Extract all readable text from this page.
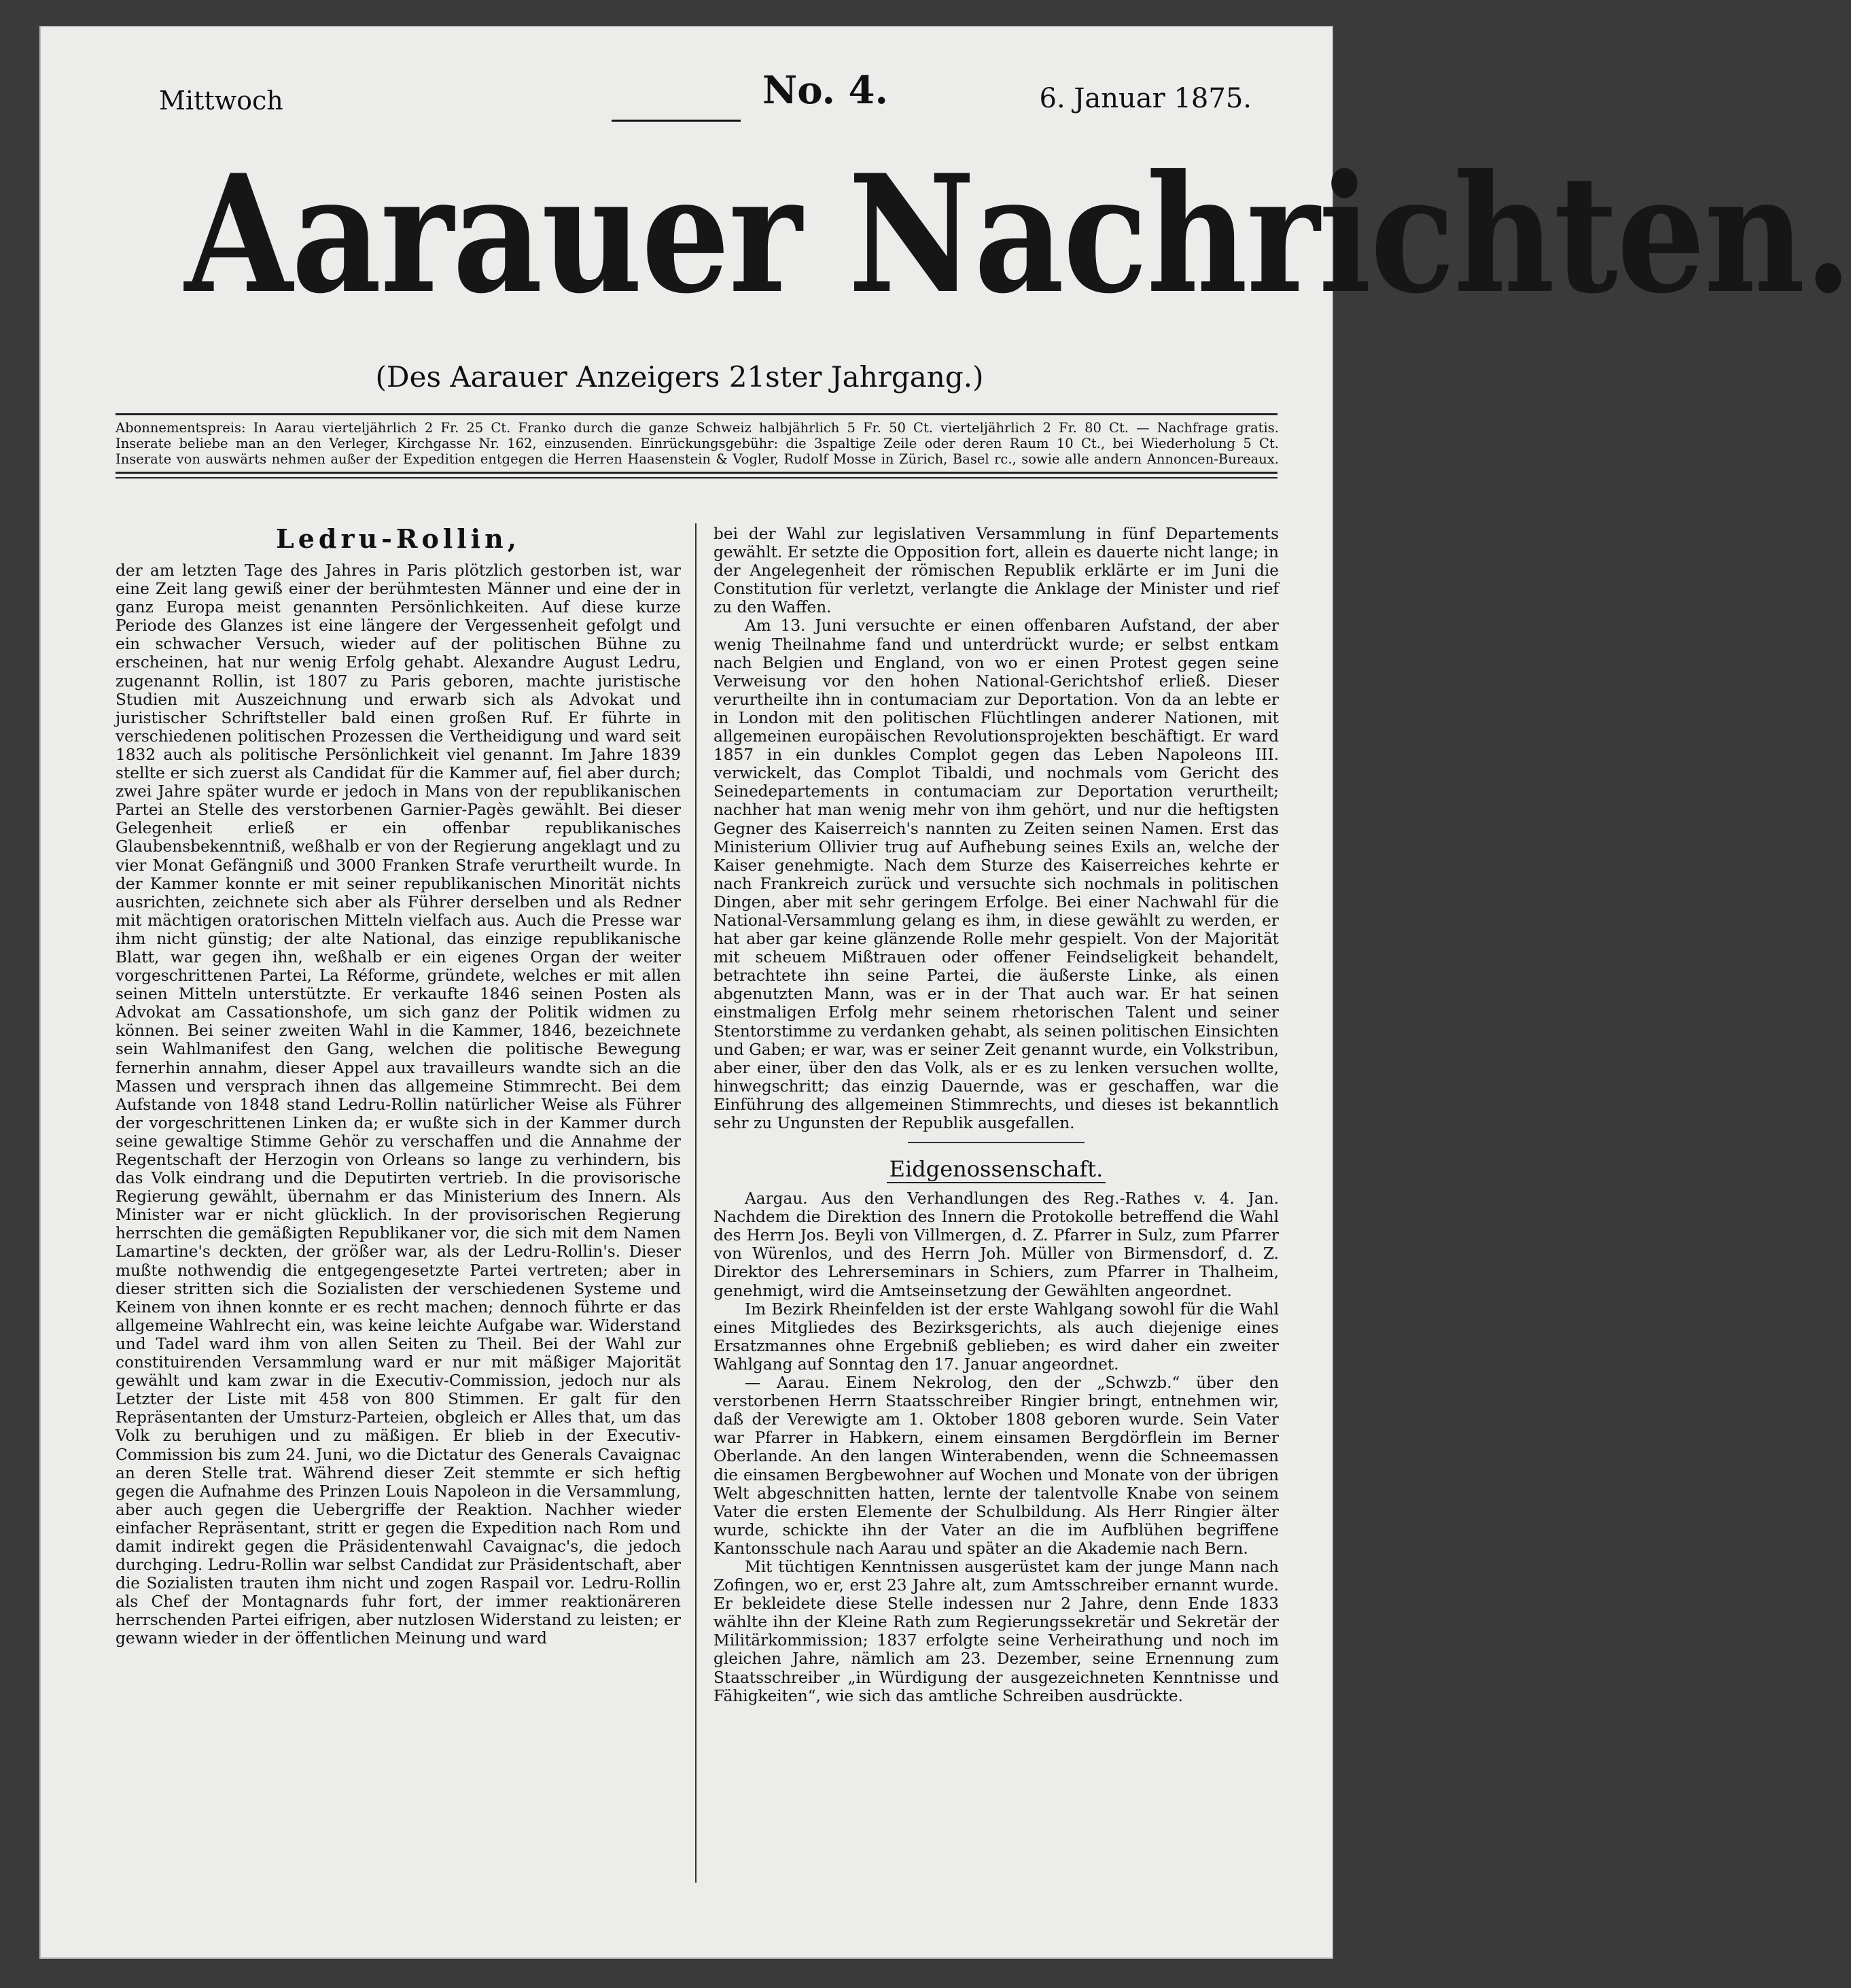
Mittwoch	No. 4.	6. Januar 1875.
Aarauer Nachrichten.
(Des Aarauer Anzeigers 21ster Jahrgang.)
Abonnementspreis: In Aarau vierteljährlich 2 Fr. 25 Ct. Franko durch die ganze Schweiz halbjährlich 5 Fr. 50 Ct. vierteljährlich 2 Fr. 80 Ct. — Nachfrage gratis.
Inserate beliebe man an den Verleger, Kirchgasse Nr. 162, einzusenden. Einrückungsgebühr: die 3spaltige Zeile oder deren Raum 10 Ct., bei Wiederholung 5 Ct.
Inserate von auswärts nehmen außer der Expedition entgegen die Herren Haasenstein & Vogler, Rudolf Mosse in Zürich, Basel rc., sowie alle andern Annoncen-Bureaux.
Ledru-Rollin,

der am letzten Tage des Jahres in Paris plötzlich gestorben ist, war eine Zeit lang gewiß einer der berühmtesten Männer und eine der in ganz Europa meist genannten Persönlichkeiten. Auf diese kurze Periode des Glanzes ist eine längere der Vergessenheit gefolgt und ein schwacher Versuch, wieder auf der politischen Bühne zu erscheinen, hat nur wenig Erfolg gehabt. Alexandre August Ledru, zugenannt Rollin, ist 1807 zu Paris geboren, machte juristische Studien mit Auszeichnung und erwarb sich als Advokat und juristischer Schriftsteller bald einen großen Ruf. Er führte in verschiedenen politischen Prozessen die Vertheidigung und ward seit 1832 auch als politische Persönlichkeit viel genannt. Im Jahre 1839 stellte er sich zuerst als Candidat für die Kammer auf, fiel aber durch; zwei Jahre später wurde er jedoch in Mans von der republikanischen Partei an Stelle des verstorbenen Garnier-Pagès gewählt. Bei dieser Gelegenheit erließ er ein offenbar republikanisches Glaubensbekenntniß, weßhalb er von der Regierung angeklagt und zu vier Monat Gefängniß und 3000 Franken Strafe verurtheilt wurde. In der Kammer konnte er mit seiner republikanischen Minorität nichts ausrichten, zeichnete sich aber als Führer derselben und als Redner mit mächtigen oratorischen Mitteln vielfach aus. Auch die Presse war ihm nicht günstig; der alte National, das einzige republikanische Blatt, war gegen ihn, weßhalb er ein eigenes Organ der weiter vorgeschrittenen Partei, La Réforme, gründete, welches er mit allen seinen Mitteln unterstützte. Er verkaufte 1846 seinen Posten als Advokat am Cassationshofe, um sich ganz der Politik widmen zu können. Bei seiner zweiten Wahl in die Kammer, 1846, bezeichnete sein Wahlmanifest den Gang, welchen die politische Bewegung fernerhin annahm, dieser Appel aux travailleurs wandte sich an die Massen und versprach ihnen das allgemeine Stimmrecht. Bei dem Aufstande von 1848 stand Ledru-Rollin natürlicher Weise als Führer der vorgeschrittenen Linken da; er wußte sich in der Kammer durch seine gewaltige Stimme Gehör zu verschaffen und die Annahme der Regentschaft der Herzogin von Orleans so lange zu verhindern, bis das Volk eindrang und die Deputirten vertrieb. In die provisorische Regierung gewählt, übernahm er das Ministerium des Innern. Als Minister war er nicht glücklich. In der provisorischen Regierung herrschten die gemäßigten Republikaner vor, die sich mit dem Namen Lamartine's deckten, der größer war, als der Ledru-Rollin's. Dieser mußte nothwendig die entgegengesetzte Partei vertreten; aber in dieser stritten sich die Sozialisten der verschiedenen Systeme und Keinem von ihnen konnte er es recht machen; dennoch führte er das allgemeine Wahlrecht ein, was keine leichte Aufgabe war. Widerstand und Tadel ward ihm von allen Seiten zu Theil. Bei der Wahl zur constituirenden Versammlung ward er nur mit mäßiger Majorität gewählt und kam zwar in die Executiv-Commission, jedoch nur als Letzter der Liste mit 458 von 800 Stimmen. Er galt für den Repräsentanten der Umsturz-Parteien, obgleich er Alles that, um das Volk zu beruhigen und zu mäßigen. Er blieb in der Executiv-Commission bis zum 24. Juni, wo die Dictatur des Generals Cavaignac an deren Stelle trat. Während dieser Zeit stemmte er sich heftig gegen die Aufnahme des Prinzen Louis Napoleon in die Versammlung, aber auch gegen die Uebergriffe der Reaktion. Nachher wieder einfacher Repräsentant, stritt er gegen die Expedition nach Rom und damit indirekt gegen die Präsidentenwahl Cavaignac's, die jedoch durchging. Ledru-Rollin war selbst Candidat zur Präsidentschaft, aber die Sozialisten trauten ihm nicht und zogen Raspail vor. Ledru-Rollin als Chef der Montagnards fuhr fort, der immer reaktionäreren herrschenden Partei eifrigen, aber nutzlosen Widerstand zu leisten; er gewann wieder in der öffentlichen Meinung und ward

bei der Wahl zur legislativen Versammlung in fünf Departements gewählt. Er setzte die Opposition fort, allein es dauerte nicht lange; in der Angelegenheit der römischen Republik erklärte er im Juni die Constitution für verletzt, verlangte die Anklage der Minister und rief zu den Waffen.

Am 13. Juni versuchte er einen offenbaren Aufstand, der aber wenig Theilnahme fand und unterdrückt wurde; er selbst entkam nach Belgien und England, von wo er einen Protest gegen seine Verweisung vor den hohen National-Gerichtshof erließ. Dieser verurtheilte ihn in contumaciam zur Deportation. Von da an lebte er in London mit den politischen Flüchtlingen anderer Nationen, mit allgemeinen europäischen Revolutionsprojekten beschäftigt. Er ward 1857 in ein dunkles Complot gegen das Leben Napoleons III. verwickelt, das Complot Tibaldi, und nochmals vom Gericht des Seinedepartements in contumaciam zur Deportation verurtheilt; nachher hat man wenig mehr von ihm gehört, und nur die heftigsten Gegner des Kaiserreich's nannten zu Zeiten seinen Namen. Erst das Ministerium Ollivier trug auf Aufhebung seines Exils an, welche der Kaiser genehmigte. Nach dem Sturze des Kaiserreiches kehrte er nach Frankreich zurück und versuchte sich nochmals in politischen Dingen, aber mit sehr geringem Erfolge. Bei einer Nachwahl für die National-Versammlung gelang es ihm, in diese gewählt zu werden, er hat aber gar keine glänzende Rolle mehr gespielt. Von der Majorität mit scheuem Mißtrauen oder offener Feindseligkeit behandelt, betrachtete ihn seine Partei, die äußerste Linke, als einen abgenutzten Mann, was er in der That auch war. Er hat seinen einstmaligen Erfolg mehr seinem rhetorischen Talent und seiner Stentorstimme zu verdanken gehabt, als seinen politischen Einsichten und Gaben; er war, was er seiner Zeit genannt wurde, ein Volkstribun, aber einer, über den das Volk, als er es zu lenken versuchen wollte, hinwegschritt; das einzig Dauernde, was er geschaffen, war die Einführung des allgemeinen Stimmrechts, und dieses ist bekanntlich sehr zu Ungunsten der Republik ausgefallen.

Eidgenossenschaft.

Aargau. Aus den Verhandlungen des Reg.-Rathes v. 4. Jan. Nachdem die Direktion des Innern die Protokolle betreffend die Wahl des Herrn Jos. Beyli von Villmergen, d. Z. Pfarrer in Sulz, zum Pfarrer von Würenlos, und des Herrn Joh. Müller von Birmensdorf, d. Z. Direktor des Lehrerseminars in Schiers, zum Pfarrer in Thalheim, genehmigt, wird die Amtseinsetzung der Gewählten angeordnet.

Im Bezirk Rheinfelden ist der erste Wahlgang sowohl für die Wahl eines Mitgliedes des Bezirksgerichts, als auch diejenige eines Ersatzmannes ohne Ergebniß geblieben; es wird daher ein zweiter Wahlgang auf Sonntag den 17. Januar angeordnet.

— Aarau. Einem Nekrolog, den der „Schwzb.“ über den verstorbenen Herrn Staatsschreiber Ringier bringt, entnehmen wir, daß der Verewigte am 1. Oktober 1808 geboren wurde. Sein Vater war Pfarrer in Habkern, einem einsamen Bergdörflein im Berner Oberlande. An den langen Winterabenden, wenn die Schneemassen die einsamen Bergbewohner auf Wochen und Monate von der übrigen Welt abgeschnitten hatten, lernte der talentvolle Knabe von seinem Vater die ersten Elemente der Schulbildung. Als Herr Ringier älter wurde, schickte ihn der Vater an die im Aufblühen begriffene Kantonsschule nach Aarau und später an die Akademie nach Bern.

Mit tüchtigen Kenntnissen ausgerüstet kam der junge Mann nach Zofingen, wo er, erst 23 Jahre alt, zum Amtsschreiber ernannt wurde. Er bekleidete diese Stelle indessen nur 2 Jahre, denn Ende 1833 wählte ihn der Kleine Rath zum Regierungssekretär und Sekretär der Militärkommission; 1837 erfolgte seine Verheirathung und noch im gleichen Jahre, nämlich am 23. Dezember, seine Ernennung zum Staatsschreiber „in Würdigung der ausgezeichneten Kenntnisse und Fähigkeiten“, wie sich das amtliche Schreiben ausdrückte.
